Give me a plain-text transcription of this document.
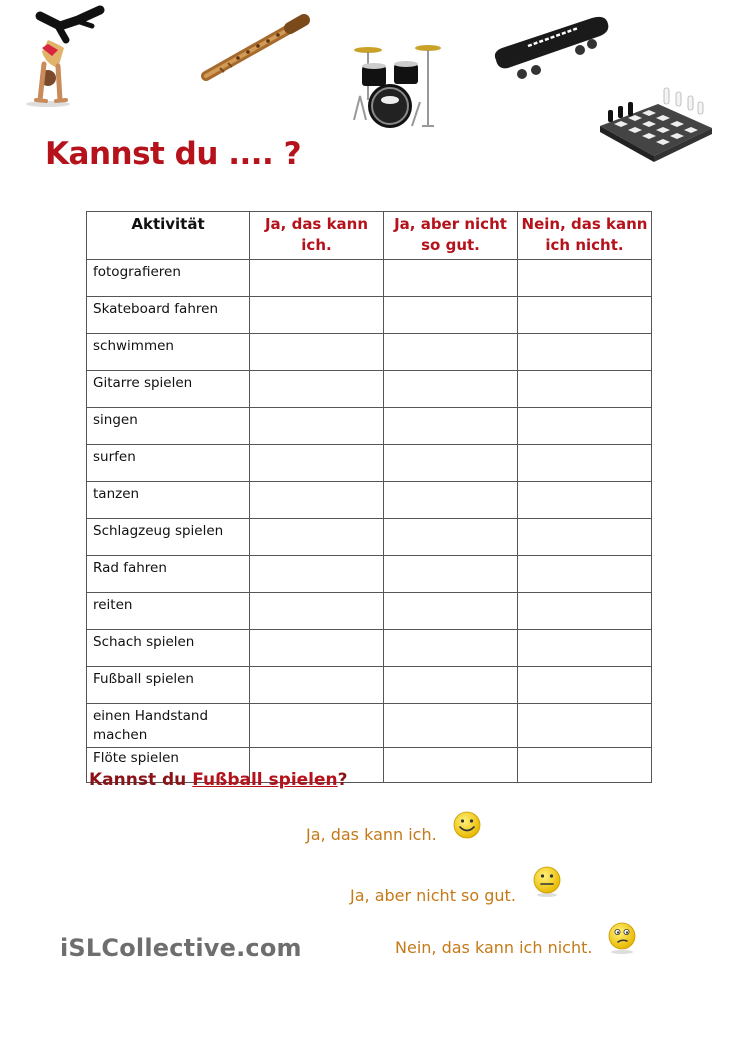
Kannst du .... ?
Aktivität	Ja, das kann ich.	Ja, aber nicht so gut.	Nein, das kann ich nicht.
fotografieren			
Skateboard fahren			
schwimmen			
Gitarre spielen			
singen			
surfen			
tanzen			
Schlagzeug spielen			
Rad fahren			
reiten			
Schach spielen			
Fußball spielen			
einen Handstand machen			
Flöte spielen			
Kannst du Fußball spielen?
Ja, das kann ich.
Ja, aber nicht so gut.
iSLCollective.com	Nein, das kann ich nicht.
